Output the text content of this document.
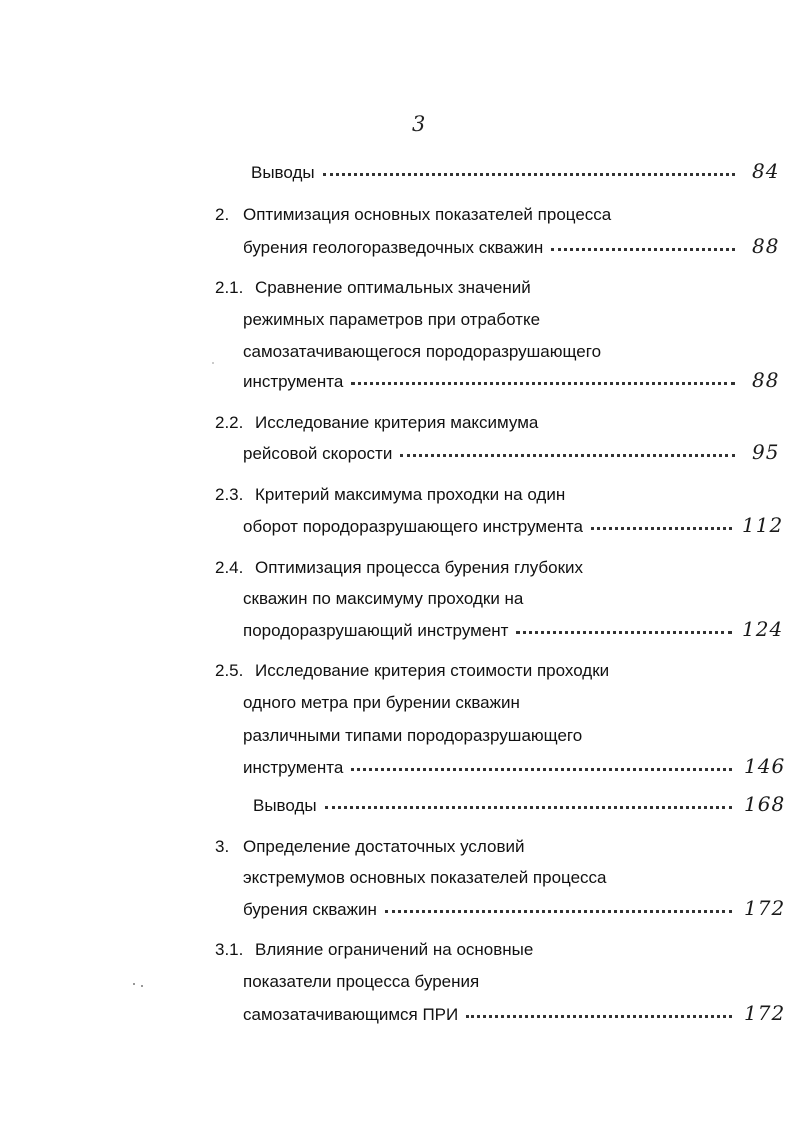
3
Выводы	84
2. Оптимизация основных показателей процесса
бурения геологоразведочных скважин	88
2.1. Сравнение оптимальных значений
режимных параметров при отработке
самозатачивающегося породоразрушающего
инструмента	88
2.2. Исследование критерия максимума
рейсовой скорости	95
2.3. Критерий максимума проходки на один
оборот породоразрушающего инструмента	112
2.4. Оптимизация процесса бурения глубоких
скважин по максимуму проходки на
породоразрушающий инструмент	124
2.5. Исследование критерия стоимости проходки
одного метра при бурении скважин
различными типами породоразрушающего
инструмента	146
Выводы	168
3. Определение достаточных условий
экстремумов основных показателей процесса
бурения скважин	172
3.1. Влияние ограничений на основные
показатели процесса бурения
самозатачивающимся ПРИ	172
